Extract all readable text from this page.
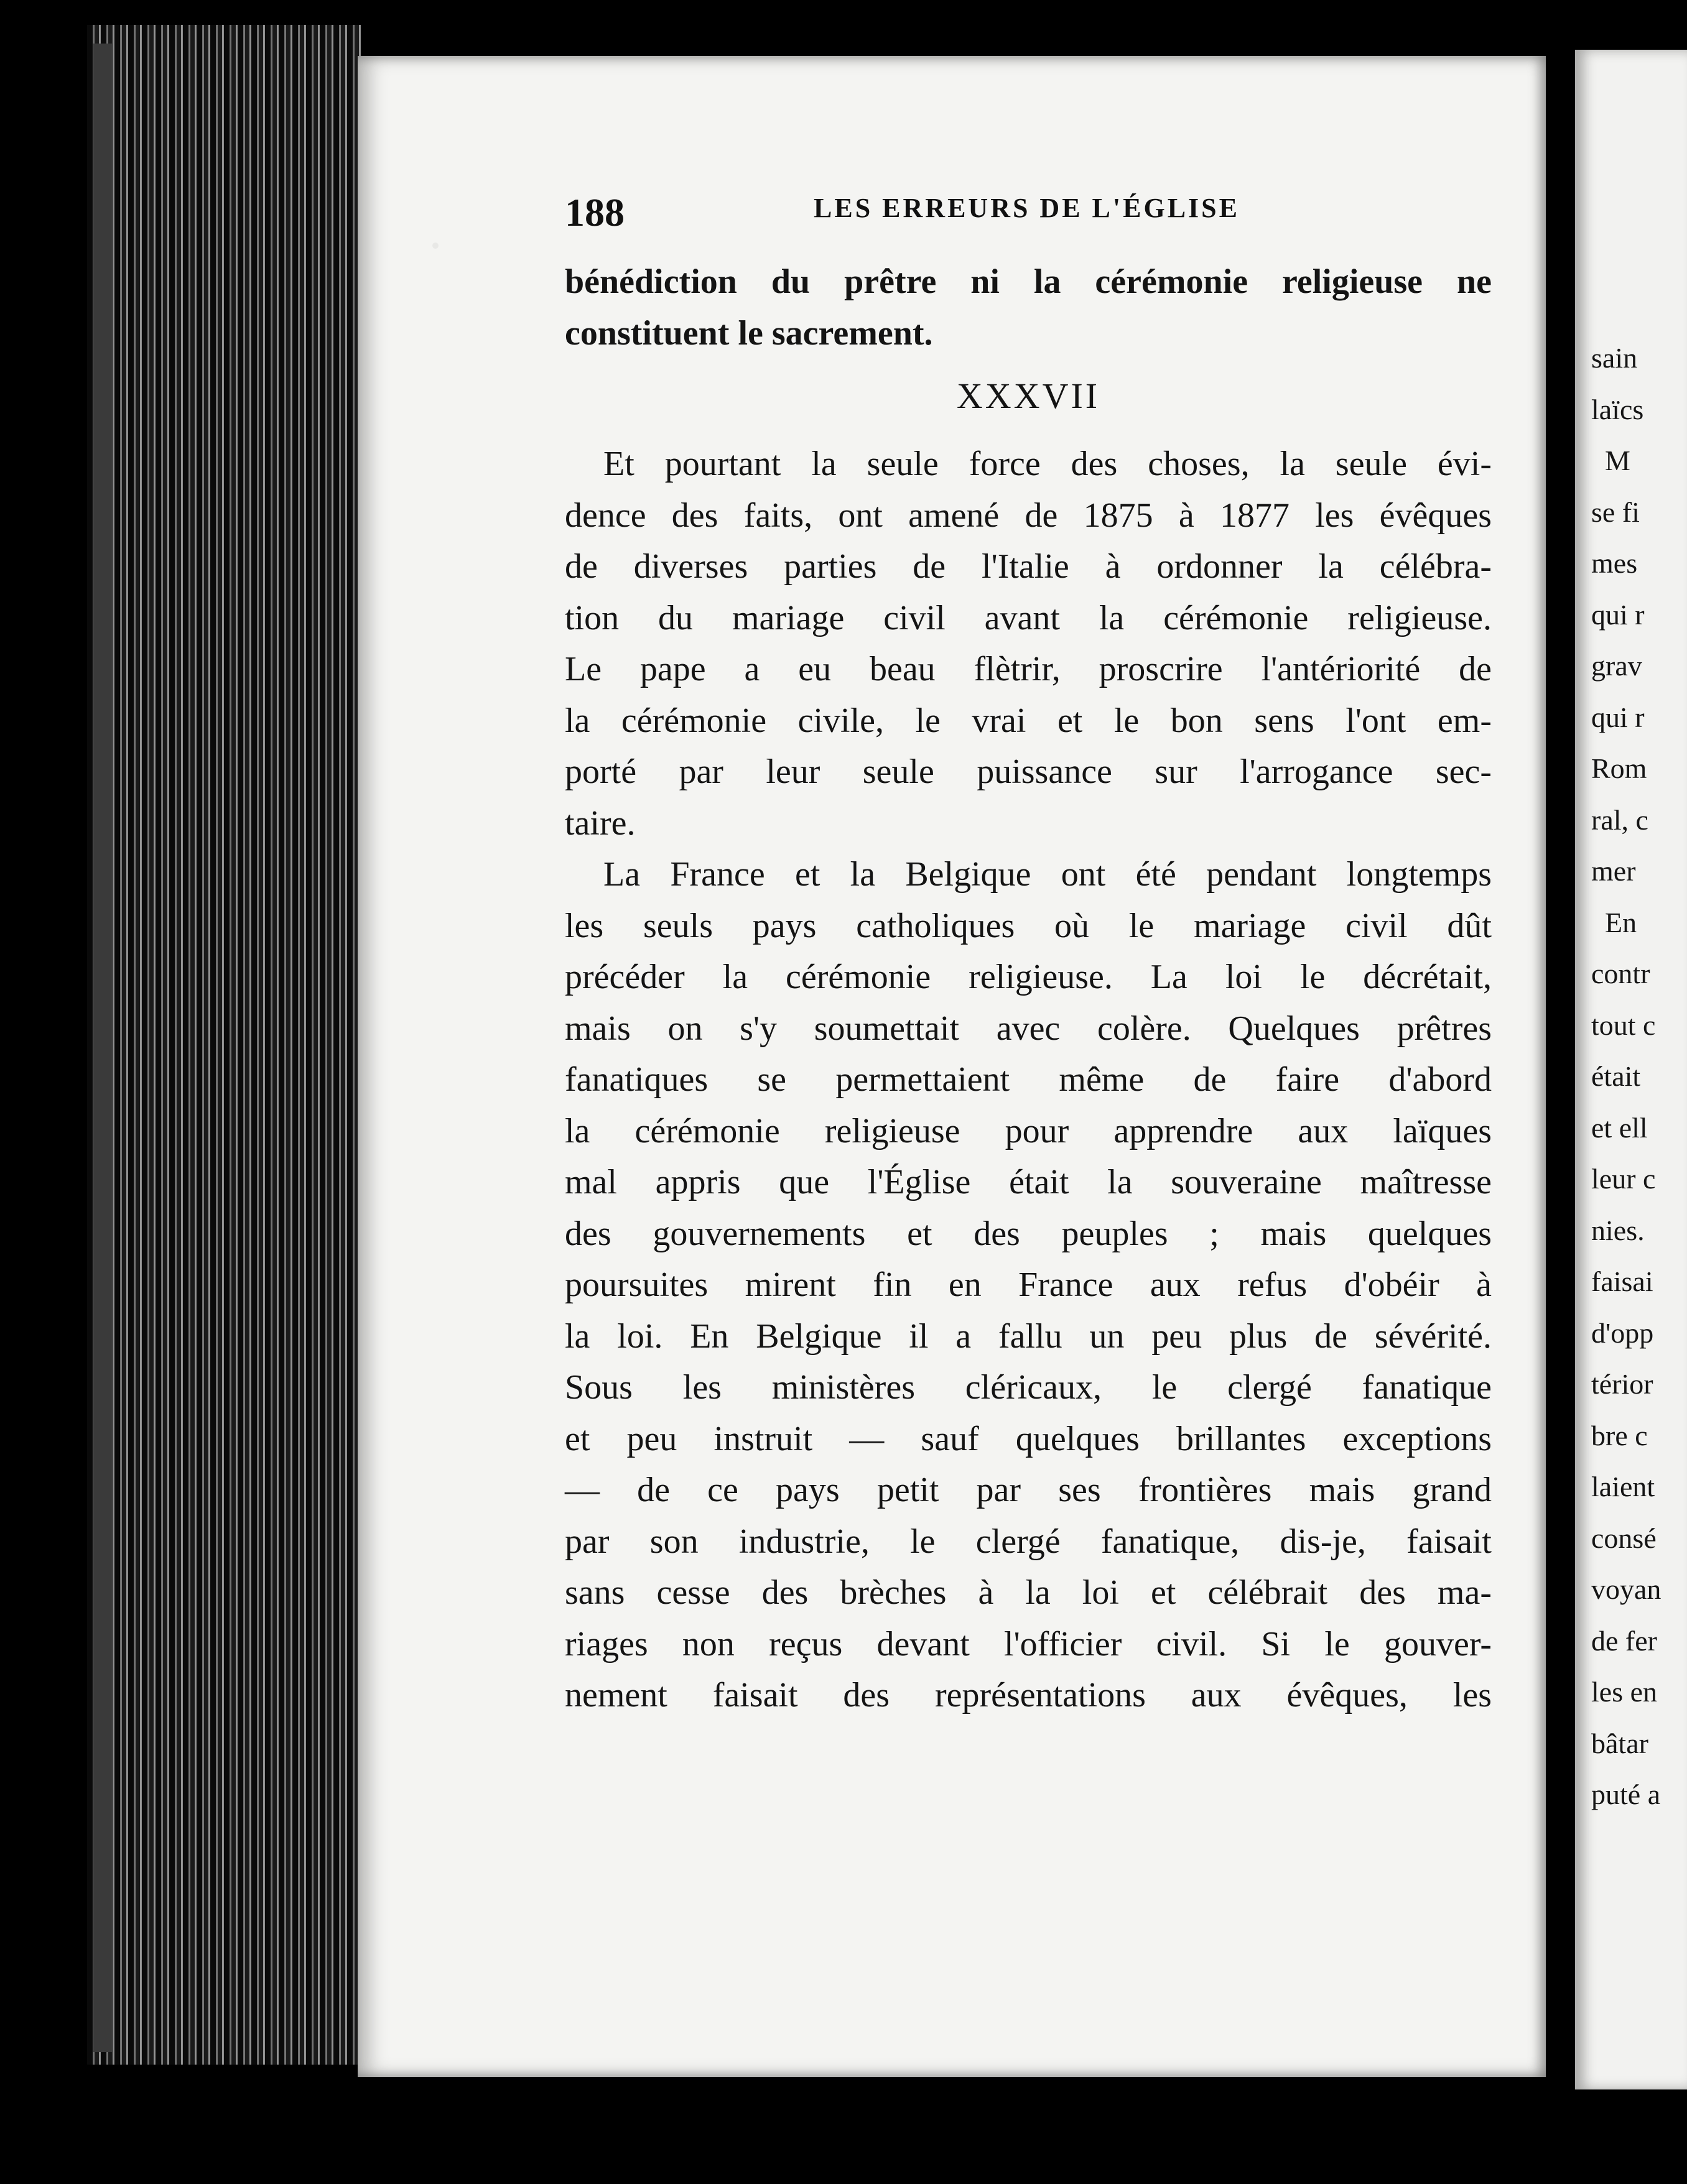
sain
laïcs
M
se fi
mes
qui r
grav
qui r
Rom
ral, c
mer
En
contr
tout c
était
et ell
leur c
nies.
faisai
d'opp
térior
bre c
laient
consé
voyan
de fer
les en
bâtar
puté a
188	LES ERREURS DE L'ÉGLISE
bénédiction du prêtre ni la cérémonie religieuse ne
constituent le sacrement.
XXXVII
Et pourtant la seule force des choses, la seule évi-
dence des faits, ont amené de 1875 à 1877 les évêques
de diverses parties de l'Italie à ordonner la célébra-
tion du mariage civil avant la cérémonie religieuse.
Le pape a eu beau flètrir, proscrire l'antériorité de
la cérémonie civile, le vrai et le bon sens l'ont em-
porté par leur seule puissance sur l'arrogance sec-
taire.
La France et la Belgique ont été pendant longtemps
les seuls pays catholiques où le mariage civil dût
précéder la cérémonie religieuse. La loi le décrétait,
mais on s'y soumettait avec colère. Quelques prêtres
fanatiques se permettaient même de faire d'abord
la cérémonie religieuse pour apprendre aux laïques
mal appris que l'Église était la souveraine maîtresse
des gouvernements et des peuples ; mais quelques
poursuites mirent fin en France aux refus d'obéir à
la loi. En Belgique il a fallu un peu plus de sévérité.
Sous les ministères cléricaux, le clergé fanatique
et peu instruit — sauf quelques brillantes exceptions
— de ce pays petit par ses frontières mais grand
par son industrie, le clergé fanatique, dis-je, faisait
sans cesse des brèches à la loi et célébrait des ma-
riages non reçus devant l'officier civil. Si le gouver-
nement faisait des représentations aux évêques, les
